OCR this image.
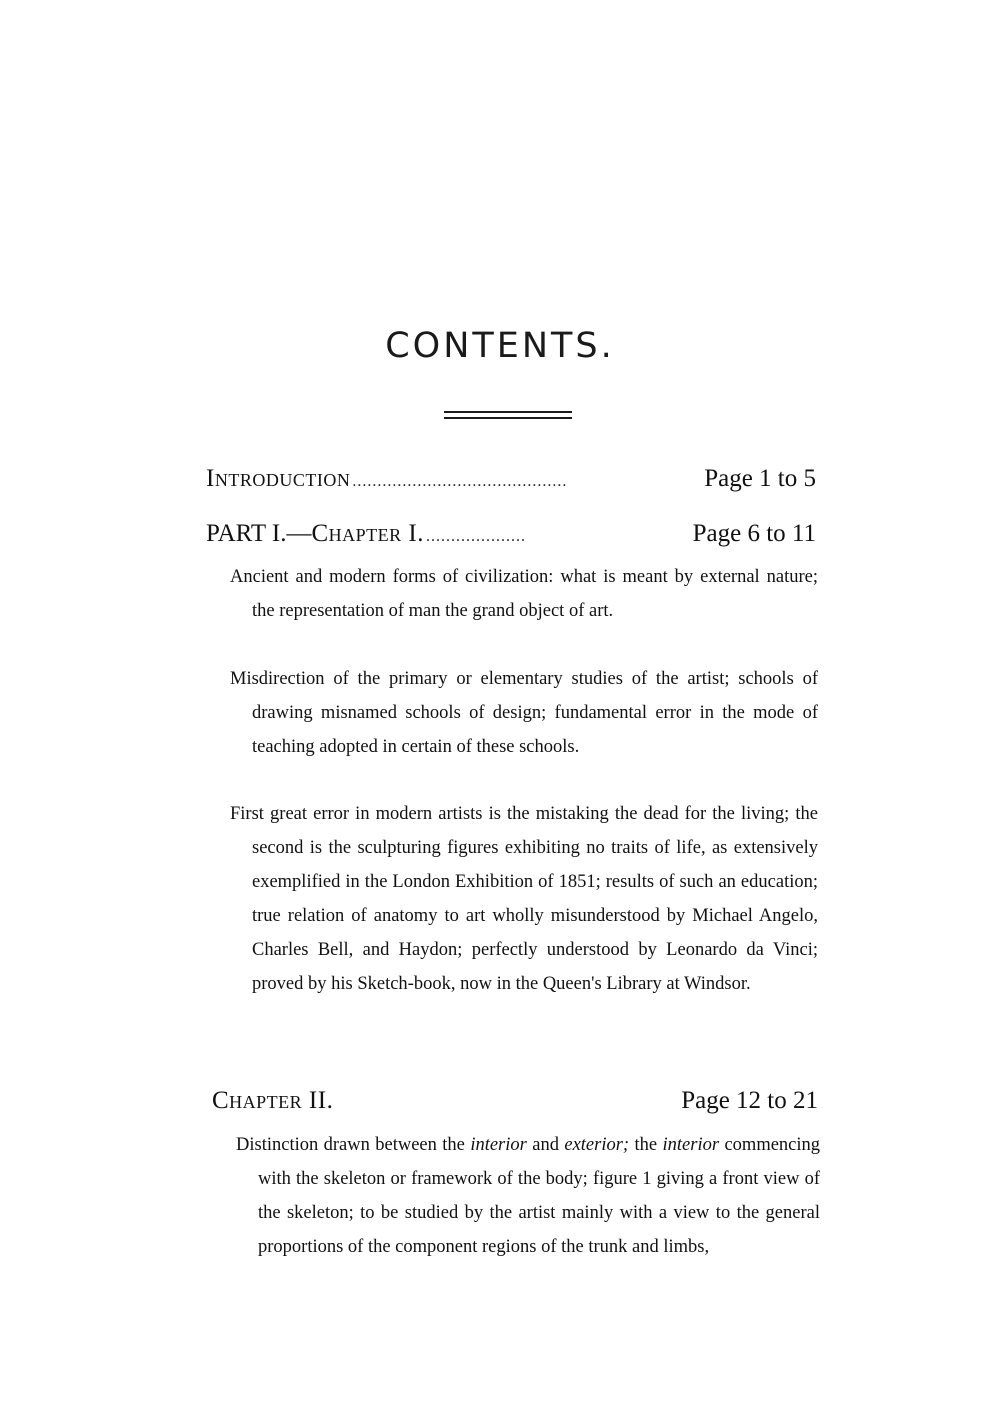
CONTENTS.
Introduction ...........................................	Page 1 to 5
PART I.— Chapter I. ....................	Page 6 to 11
Ancient and modern forms of civilization: what is meant by external nature; the representation of man the grand object of art.
Misdirection of the primary or elementary studies of the artist; schools of drawing misnamed schools of design; fundamental error in the mode of teaching adopted in certain of these schools.
First great error in modern artists is the mistaking the dead for the living; the second is the sculpturing figures exhibiting no traits of life, as extensively exemplified in the London Exhibition of 1851; results of such an education; true relation of anatomy to art wholly misunderstood by Michael Angelo, Charles Bell, and Haydon; perfectly understood by Leonardo da Vinci; proved by his Sketch-book, now in the Queen's Library at Windsor.
Chapter II.	Page 12 to 21
Distinction drawn between the interior and exterior; the interior commencing with the skeleton or framework of the body; figure 1 giving a front view of the skeleton; to be studied by the artist mainly with a view to the general proportions of the component regions of the trunk and limbs,
